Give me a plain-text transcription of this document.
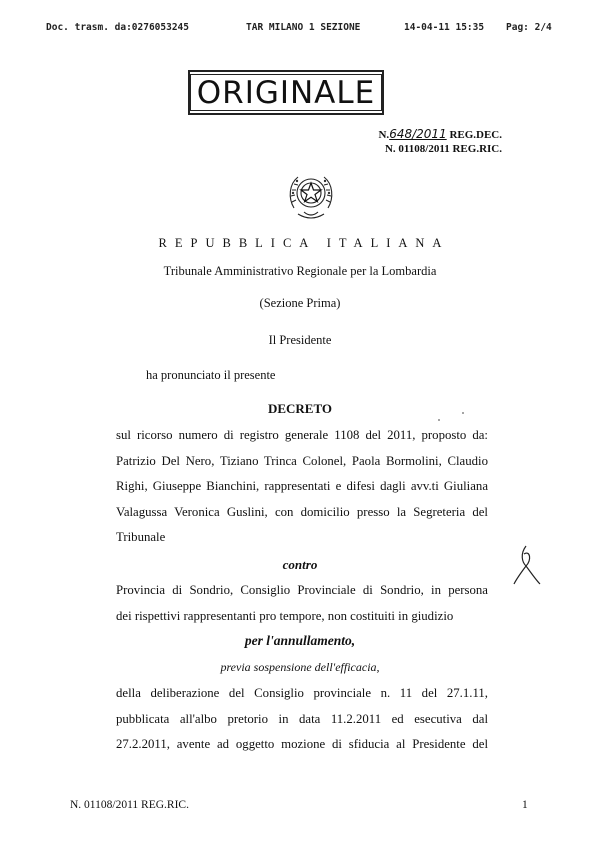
Doc. trasm. da:0276053245	TAR MILANO 1 SEZIONE	14-04-11 15:35 Pag: 2/4
ORIGINALE
N.648/2011 REG.DEC.
N. 01108/2011 REG.RIC.
REPUBBLICA ITALIANA
Tribunale Amministrativo Regionale per la Lombardia
(Sezione Prima)
Il Presidente
ha pronunciato il presente
DECRETO

sul ricorso numero di registro generale 1108 del 2011, proposto da:

Patrizio Del Nero, Tiziano Trinca Colonel, Paola Bormolini, Claudio

Righi, Giuseppe Bianchini, rappresentati e difesi dagli avv.ti Giuliana

Valagussa Veronica Guslini, con domicilio presso la Segreteria del

Tribunale

contro

Provincia di Sondrio, Consiglio Provinciale di Sondrio, in persona

dei rispettivi rappresentanti pro tempore, non costituiti in giudizio

per l'annullamento,
previa sospensione dell'efficacia,

della deliberazione del Consiglio provinciale n. 11 del 27.1.11,

pubblicata all'albo pretorio in data 11.2.2011 ed esecutiva dal

27.2.2011, avente ad oggetto mozione di sfiducia al Presidente del

N. 01108/2011 REG.RIC.	1
